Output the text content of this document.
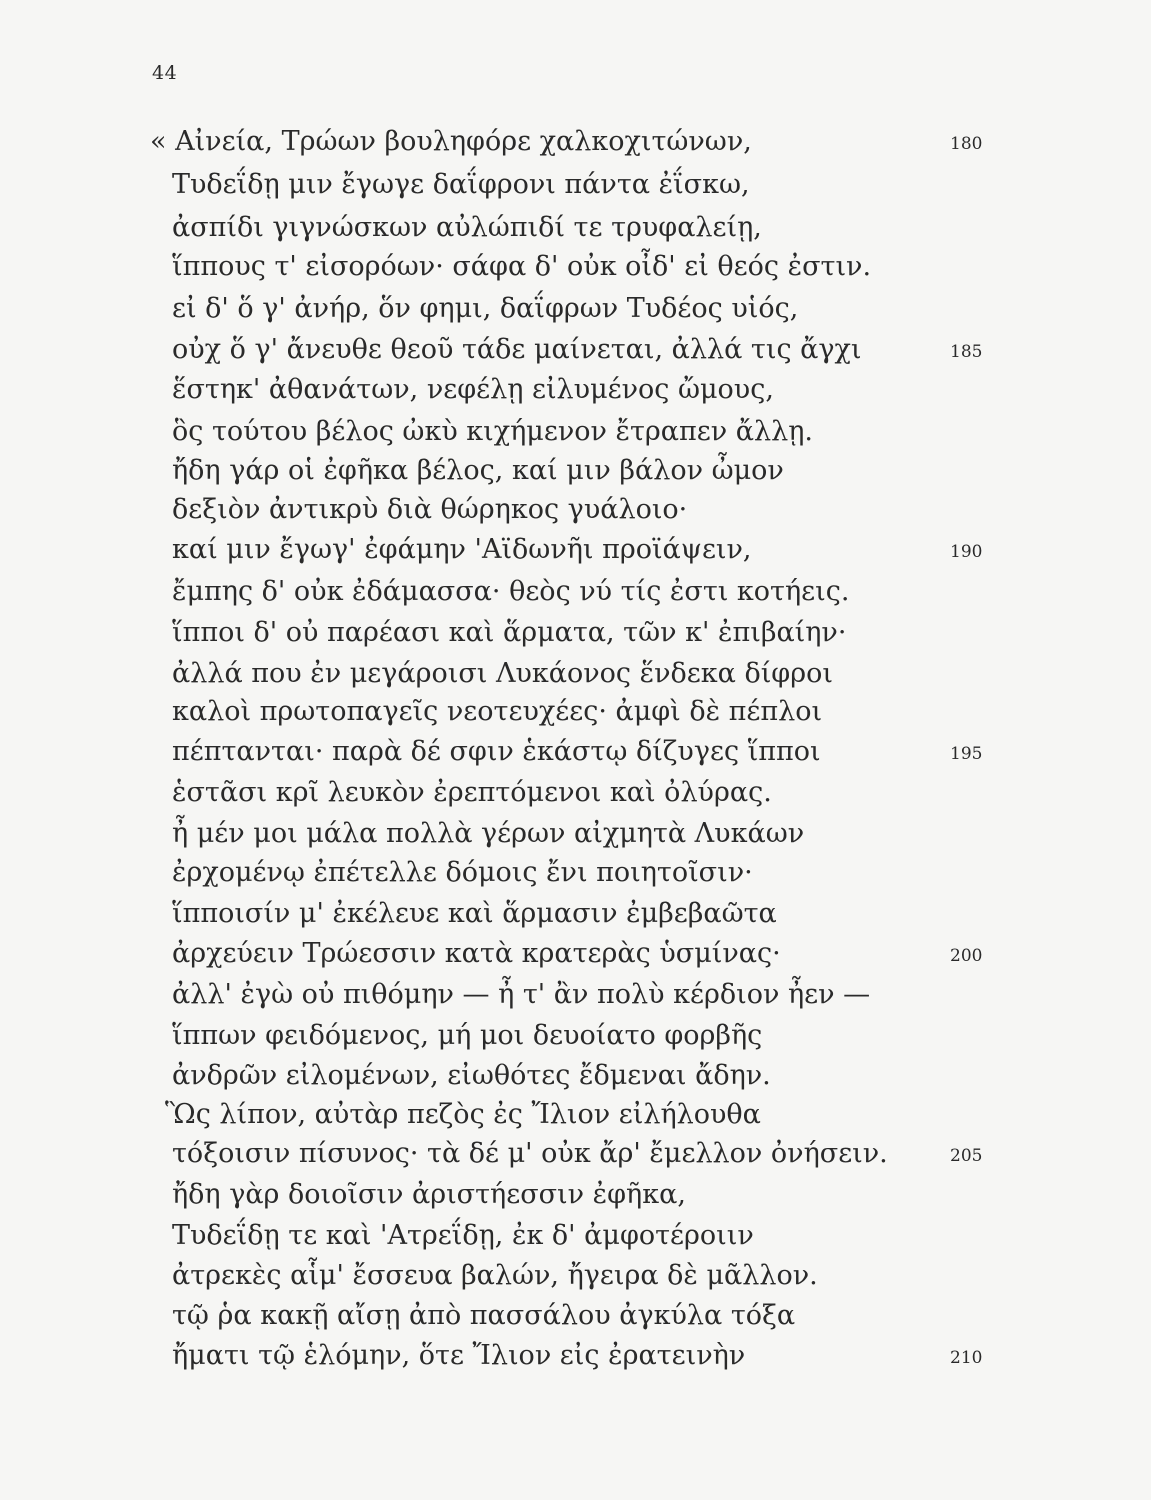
44
« Αἰνεία, Τρώων βουληφόρε χαλκοχιτώνων,
Τυδεΐδῃ μιν ἔγωγε δαΐφρονι πάντα ἐΐσκω,
ἀσπίδι γιγνώσκων αὐλώπιδί τε τρυφαλείῃ,
ἵππους τ' εἰσορόων· σάφα δ' οὐκ οἶδ' εἰ θεός ἐστιν.
εἰ δ' ὅ γ' ἀνήρ, ὅν φημι, δαΐφρων Τυδέος υἱός,
οὐχ ὅ γ' ἄνευθε θεοῦ τάδε μαίνεται, ἀλλά τις ἄγχι
ἕστηκ' ἀθανάτων, νεφέλῃ εἰλυμένος ὤμους,
ὃς τούτου βέλος ὠκὺ κιχήμενον ἔτραπεν ἄλλῃ.
ἤδη γάρ οἱ ἐφῆκα βέλος, καί μιν βάλον ὦμον
δεξιὸν ἀντικρὺ διὰ θώρηκος γυάλοιο·
καί μιν ἔγωγ' ἐφάμην 'Αϊδωνῆι προϊάψειν,
ἔμπης δ' οὐκ ἐδάμασσα· θεὸς νύ τίς ἐστι κοτήεις.
ἵπποι δ' οὐ παρέασι καὶ ἅρματα, τῶν κ' ἐπιβαίην·
ἀλλά που ἐν μεγάροισι Λυκάονος ἕνδεκα δίφροι
καλοὶ πρωτοπαγεῖς νεοτευχέες· ἀμφὶ δὲ πέπλοι
πέπτανται· παρὰ δέ σφιν ἑκάστῳ δίζυγες ἵπποι
ἑστᾶσι κρῖ λευκὸν ἐρεπτόμενοι καὶ ὀλύρας.
ἦ μέν μοι μάλα πολλὰ γέρων αἰχμητὰ Λυκάων
ἐρχομένῳ ἐπέτελλε δόμοις ἔνι ποιητοῖσιν·
ἵπποισίν μ' ἐκέλευε καὶ ἅρμασιν ἐμβεβαῶτα
ἀρχεύειν Τρώεσσιν κατὰ κρατερὰς ὑσμίνας·
ἀλλ' ἐγὼ οὐ πιθόμην — ἦ τ' ἂν πολὺ κέρδιον ἦεν —
ἵππων φειδόμενος, μή μοι δευοίατο φορβῆς
ἀνδρῶν εἰλομένων, εἰωθότες ἔδμεναι ἄδην.
Ὣς λίπον, αὐτὰρ πεζὸς ἐς Ἴλιον εἰλήλουθα
τόξοισιν πίσυνος· τὰ δέ μ' οὐκ ἄρ' ἔμελλον ὀνήσειν.
ἤδη γὰρ δοιοῖσιν ἀριστήεσσιν ἐφῆκα,
Τυδεΐδῃ τε καὶ 'Ατρεΐδῃ, ἐκ δ' ἀμφοτέροιιν
ἀτρεκὲς αἷμ' ἔσσευα βαλών, ἤγειρα δὲ μᾶλλον.
τῷ ῥα κακῇ αἴσῃ ἀπὸ πασσάλου ἀγκύλα τόξα
ἤματι τῷ ἑλόμην, ὅτε Ἴλιον εἰς ἐρατεινὴν
180
185
190
195
200
205
210
